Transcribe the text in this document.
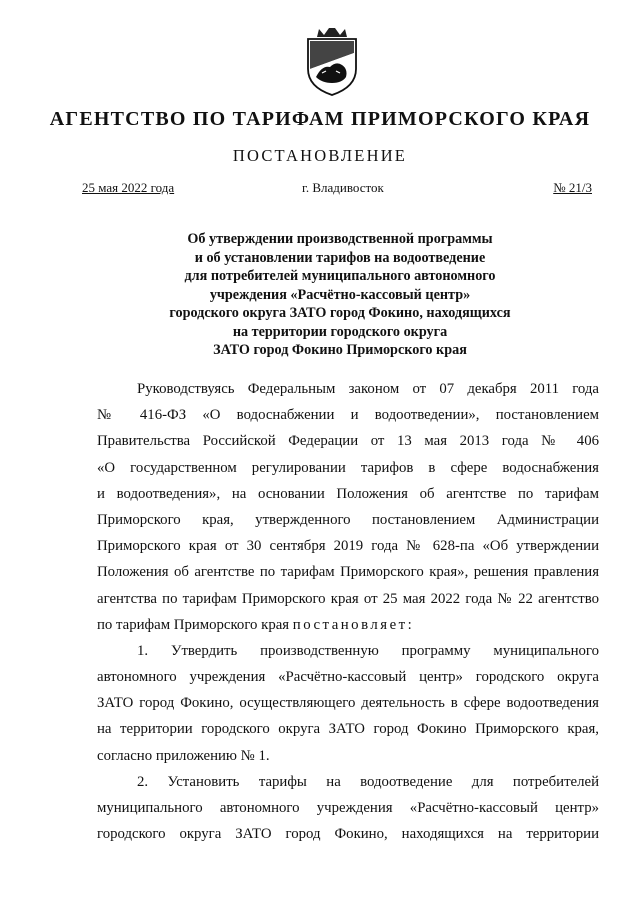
АГЕНТСТВО ПО ТАРИФАМ ПРИМОРСКОГО КРАЯ
ПОСТАНОВЛЕНИЕ
25 мая 2022 года	г. Владивосток	№ 21/3
Об утверждении производственной программы
и об установлении тарифов на водоотведение
для потребителей муниципального автономного
учреждения «Расчётно-кассовый центр»
городского округа ЗАТО город Фокино, находящихся
на территории городского округа
ЗАТО город Фокино Приморского края
Руководствуясь Федеральным законом от 07 декабря 2011 года
№ 416-ФЗ «О водоснабжении и водоотведении», постановлением
Правительства Российской Федерации от 13 мая 2013 года № 406
«О государственном регулировании тарифов в сфере водоснабжения
и водоотведения», на основании Положения об агентстве по тарифам
Приморского края, утвержденного постановлением Администрации
Приморского края от 30 сентября 2019 года № 628-па «Об утверждении
Положения об агентстве по тарифам Приморского края», решения правления
агентства по тарифам Приморского края от 25 мая 2022 года № 22 агентство
по тарифам Приморского края постановляет:
1. Утвердить производственную программу муниципального
автономного учреждения «Расчётно-кассовый центр» городского округа
ЗАТО город Фокино, осуществляющего деятельность в сфере водоотведения
на территории городского округа ЗАТО город Фокино Приморского края,
согласно приложению № 1.
2. Установить тарифы на водоотведение для потребителей
муниципального автономного учреждения «Расчётно-кассовый центр»
городского округа ЗАТО город Фокино, находящихся на территории
